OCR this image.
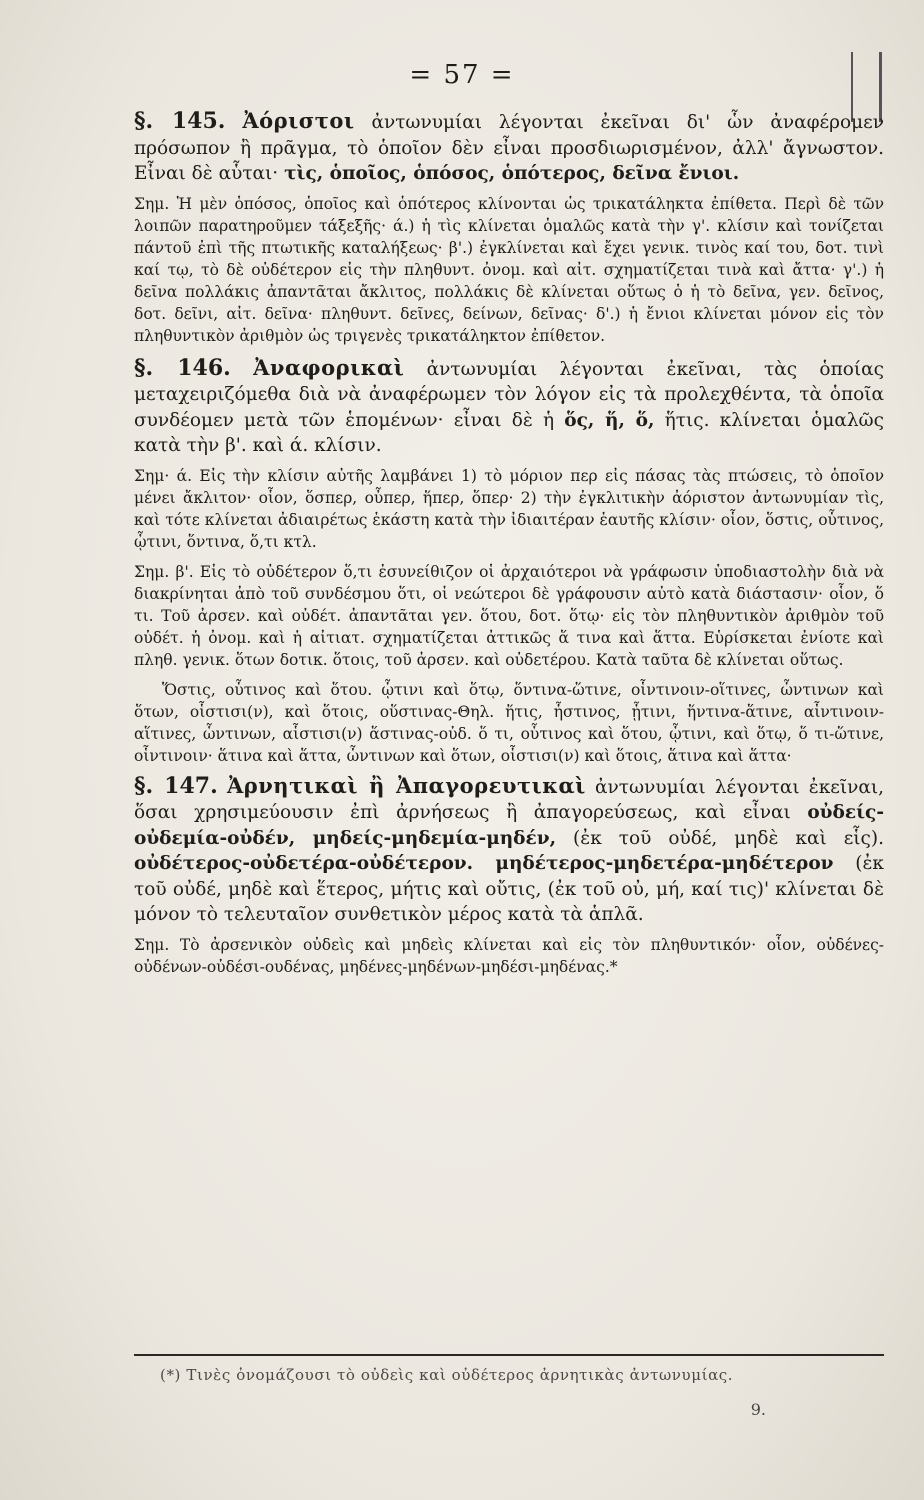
= 57 =

§. 145. Ἀόριστοι ἀντωνυμίαι λέγονται ἐκεῖναι δι' ὧν ἀναφέρομεν πρόσωπον ἢ πρᾶγμα, τὸ ὁποῖον δὲν εἶναι προσδιωρισμένον, ἀλλ' ἄγνωστον. Εἶναι δὲ αὗται· τὶς, ὁποῖος, ὁπόσος, ὁπότερος, δεῖνα ἔνιοι.

Σημ. Ἡ μὲν ὁπόσος, ὁποῖος καὶ ὁπότερος κλίνονται ὡς τρικατάληκτα ἐπίθετα. Περὶ δὲ τῶν λοιπῶν παρατηροῦμεν τάξεξῆς· ά.) ἡ τὶς κλίνεται ὁμαλῶς κατὰ τὴν γ'. κλίσιν καὶ τονίζεται πάντοῦ ἐπὶ τῆς πτωτικῆς καταλήξεως· β'.) ἐγκλίνεται καὶ ἔχει γενικ. τινὸς καί του, δοτ. τινὶ καί τῳ, τὸ δὲ οὐδέτερον εἰς τὴν πληθυντ. ὀνομ. καὶ αἰτ. σχηματίζεται τινὰ καὶ ἄττα· γ'.) ἡ δεῖνα πολλάκις ἀπαντᾶται ἄκλιτος, πολλάκις δὲ κλίνεται οὕτως ὁ ἡ τὸ δεῖνα, γεν. δεῖνος, δοτ. δεῖνι, αἰτ. δεῖνα· πληθυντ. δεῖνες, δείνων, δεῖνας· δ'.) ἡ ἔνιοι κλίνεται μόνον εἰς τὸν πληθυντικὸν ἀριθμὸν ὡς τριγενὲς τρικατάληκτον ἐπίθετον.

§. 146. Ἀναφορικαὶ ἀντωνυμίαι λέγονται ἐκεῖναι, τὰς ὁποίας μεταχειριζόμεθα διὰ νὰ ἀναφέρωμεν τὸν λόγον εἰς τὰ προλεχθέντα, τὰ ὁποῖα συνδέομεν μετὰ τῶν ἑπομένων· εἶναι δὲ ἡ ὅς, ἥ, ὅ, ἥτις. κλίνεται ὁμαλῶς κατὰ τὴν β'. καὶ ά. κλίσιν.

Σημ· ά. Εἰς τὴν κλίσιν αὐτῆς λαμβάνει 1) τὸ μόριον περ εἰς πάσας τὰς πτώσεις, τὸ ὁποῖον μένει ἄκλιτον· οἷον, ὅσπερ, οὗπερ, ἥπερ, ὅπερ· 2) τὴν ἐγκλιτικὴν ἀόριστον ἀντωνυμίαν τὶς, καὶ τότε κλίνεται ἀδιαιρέτως ἑκάστη κατὰ τὴν ἰδιαιτέραν ἑαυτῆς κλίσιν· οἷον, ὅστις, οὗτινος, ᾧτινι, ὅντινα, ὅ,τι κτλ.

Σημ. β'. Εἰς τὸ οὐδέτερον ὅ,τι ἐσυνείθιζον οἱ ἀρχαιότεροι νὰ γράφωσιν ὑποδιαστολὴν διὰ νὰ διακρίνηται ἀπὸ τοῦ συνδέσμου ὅτι, οἱ νεώτεροι δὲ γράφουσιν αὐτὸ κατὰ διάστασιν· οἷον, ὅ τι. Τοῦ ἀρσεν. καὶ οὐδέτ. ἀπαντᾶται γεν. ὅτου, δοτ. ὅτῳ· εἰς τὸν πληθυντικὸν ἀριθμὸν τοῦ οὐδέτ. ἡ ὀνομ. καὶ ἡ αἰτιατ. σχηματίζεται ἀττικῶς ἅ τινα καὶ ἅττα. Εὑρίσκεται ἐνίοτε καὶ πληθ. γενικ. ὅτων δοτικ. ὅτοις, τοῦ ἀρσεν. καὶ οὐδετέρου. Κατὰ ταῦτα δὲ κλίνεται οὕτως.

Ὅστις, οὗτινος καὶ ὅτου. ᾧτινι καὶ ὅτῳ, ὅντινα-ὥτινε, οἷντινοιν-οἵτινες, ὧντινων καὶ ὅτων, οἷστισι(ν), καὶ ὅτοις, οὕστινας-Θηλ. ἥτις, ἧστινος, ᾗτινι, ἥντινα-ἅτινε, αἷντινοιν-αἵτινες, ὧντινων, αἷστισι(ν) ἅστινας-οὐδ. ὅ τι, οὗτινος καὶ ὅτου, ᾧτινι, καὶ ὅτῳ, ὅ τι-ὥτινε, οἷντινοιν· ἅτινα καὶ ἅττα, ὧντινων καὶ ὅτων, οἷστισι(ν) καὶ ὅτοις, ἅτινα καὶ ἅττα·

§. 147. Ἀρνητικαὶ ἢ Ἀπαγορευτικαὶ ἀντωνυμίαι λέγονται ἐκεῖναι, ὅσαι χρησιμεύουσιν ἐπὶ ἀρνήσεως ἢ ἀπαγορεύσεως, καὶ εἶναι οὐδείς-οὐδεμία-οὐδέν, μηδείς-μηδεμία-μηδέν, (ἐκ τοῦ οὐδέ, μηδὲ καὶ εἷς). οὐδέτερος-οὐδετέρα-οὐδέτερον. μηδέτερος-μηδετέρα-μηδέτερον (ἐκ τοῦ οὐδέ, μηδὲ καὶ ἕτερος, μήτις καὶ οὔτις, (ἐκ τοῦ οὐ, μή, καί τις)' κλίνεται δὲ μόνον τὸ τελευταῖον συνθετικὸν μέρος κατὰ τὰ ἁπλᾶ.

Σημ. Τὸ ἀρσενικὸν οὐδεὶς καὶ μηδεὶς κλίνεται καὶ εἰς τὸν πληθυντικόν· οἷον, οὐδένες-οὐδένων-οὐδέσι-ουδένας, μηδένες-μηδένων-μηδέσι-μηδένας.*

(*) Τινὲς ὀνομάζουσι τὸ οὐδεὶς καὶ οὐδέτερος ἀρνητικὰς ἀντωνυμίας.
9.
